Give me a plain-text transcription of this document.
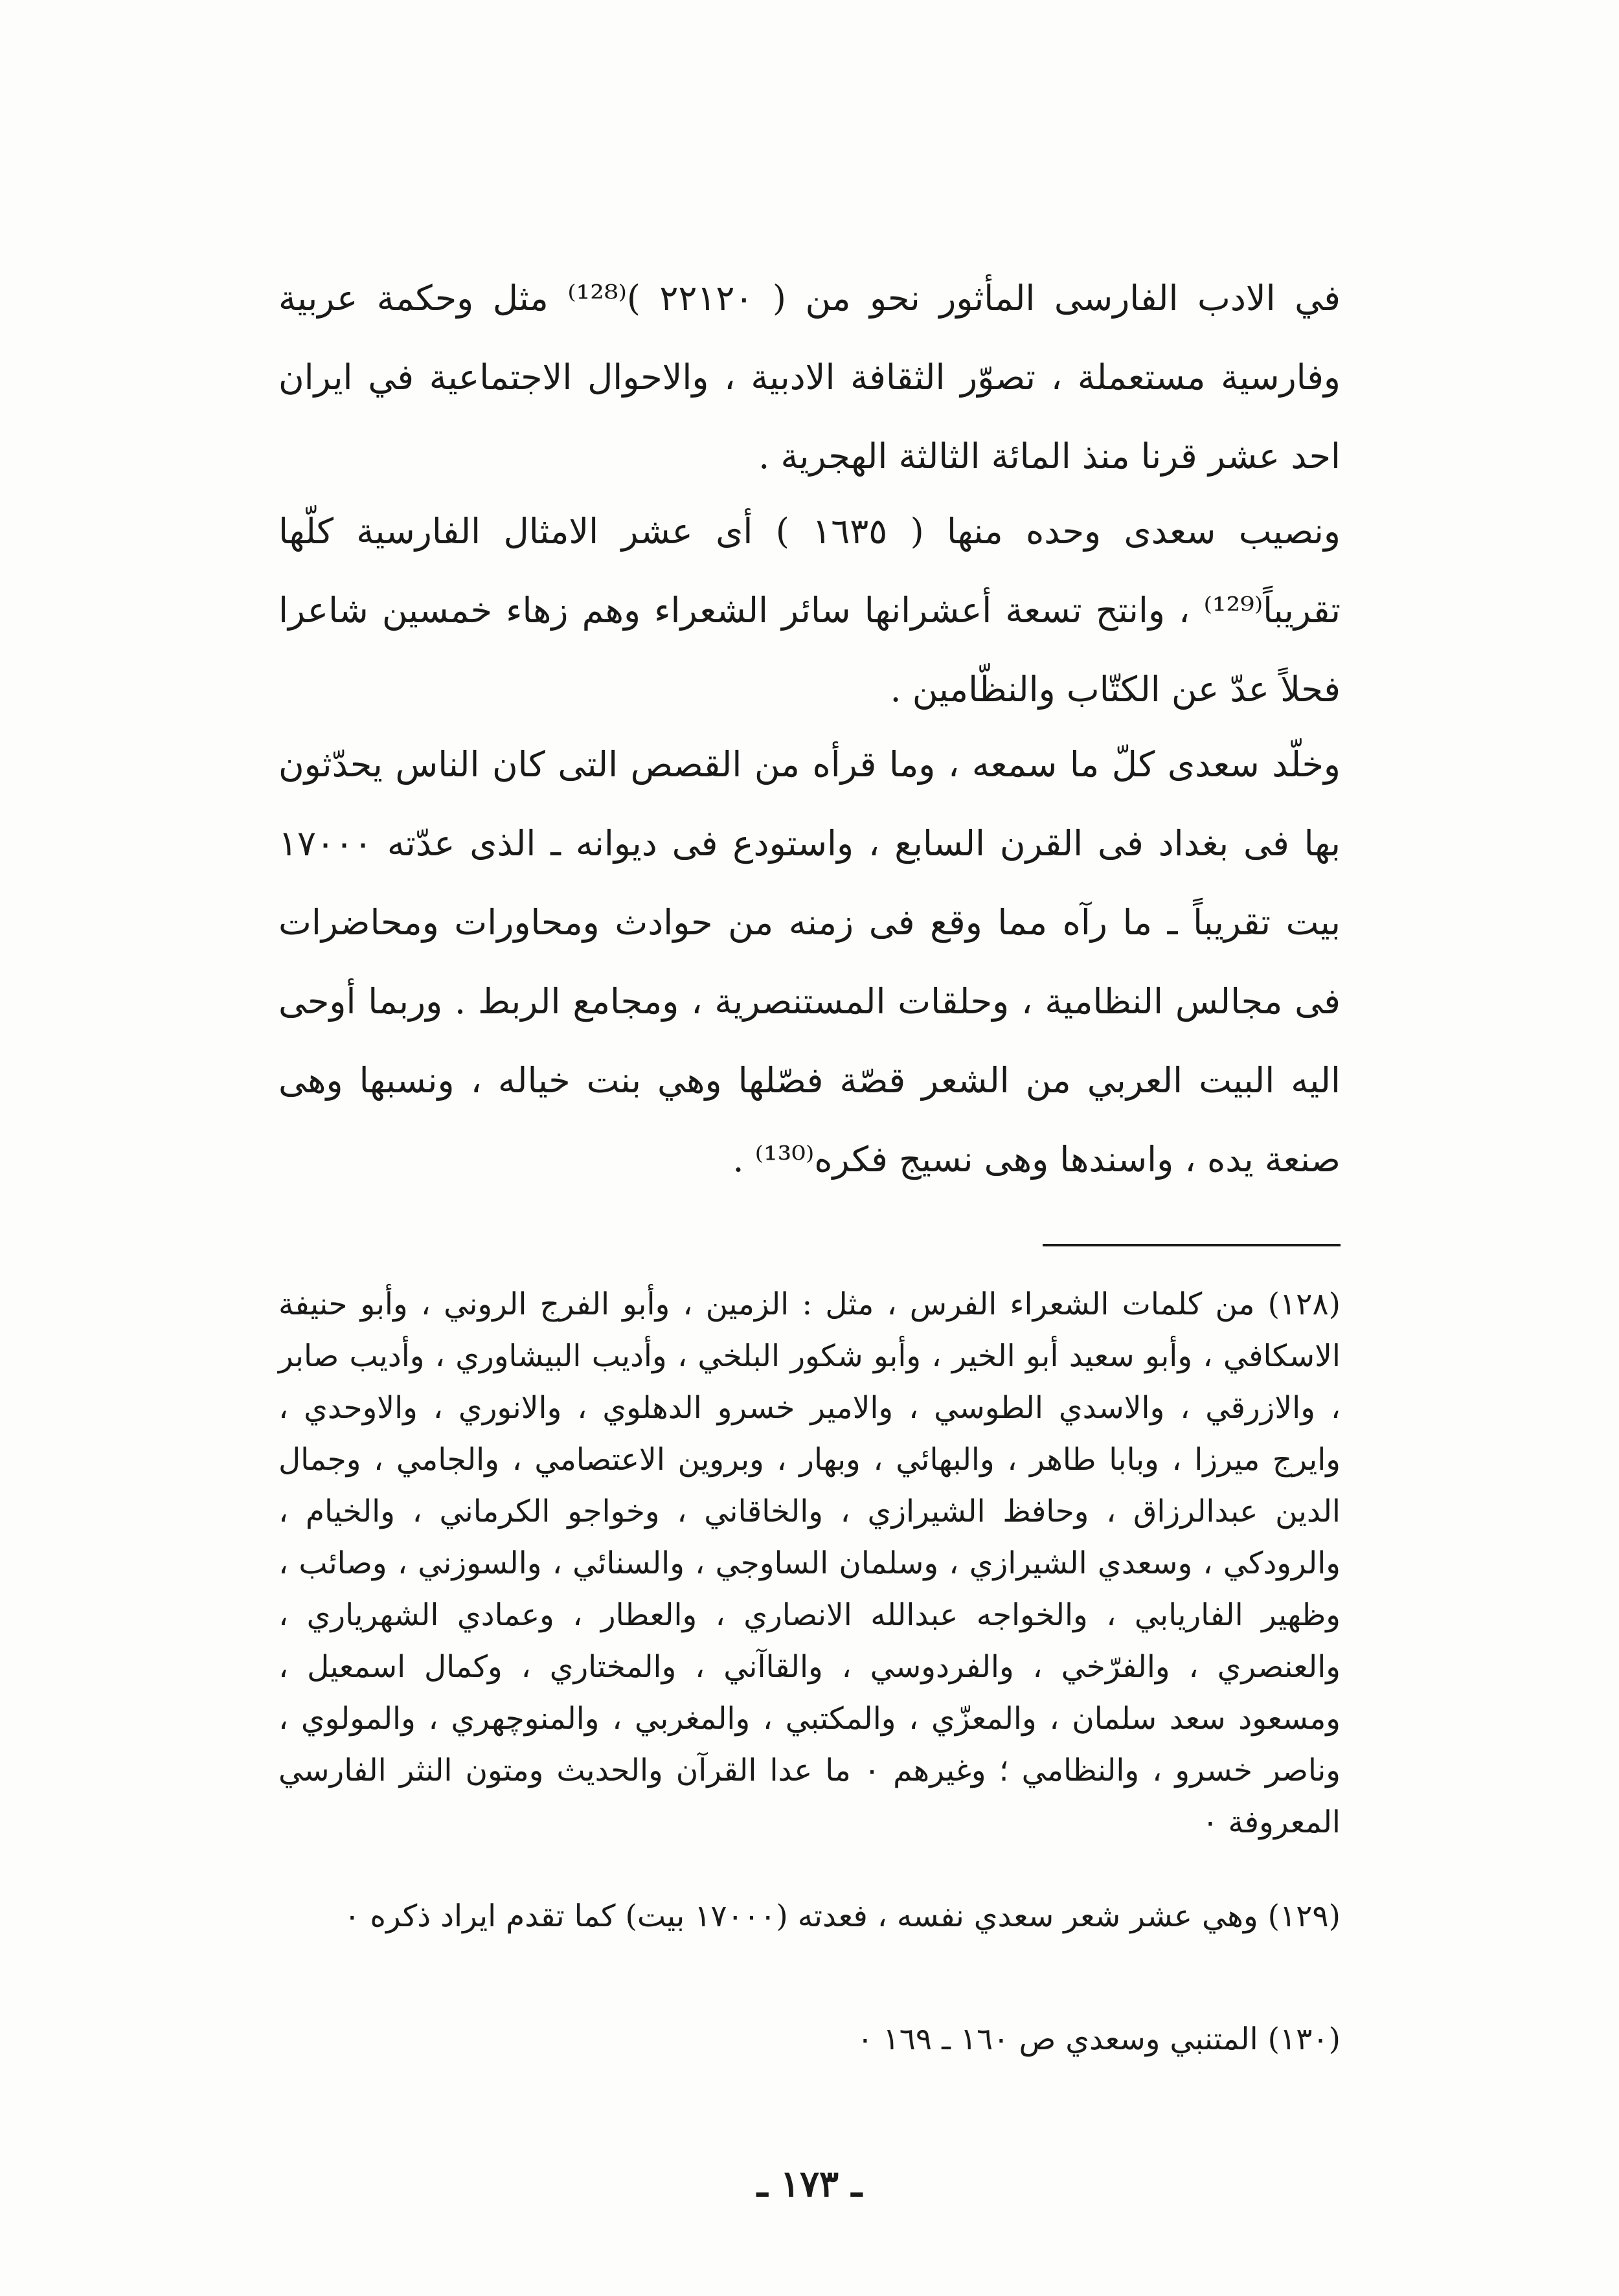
في الادب الفارسى المأثور نحو من ( ٢٢١٢٠ )⁽¹²⁸⁾ مثل وحكمة عربية وفارسية مستعملة ، تصوّر الثقافة الادبية ، والاحوال الاجتماعية في ايران احد عشر قرنا منذ المائة الثالثة الهجرية .

ونصيب سعدى وحده منها ( ١٦٣٥ ) أى عشر الامثال الفارسية كلّها تقريباً⁽¹²⁹⁾ ، وانتح تسعة أعشرانها سائر الشعراء وهم زهاء خمسين شاعرا فحلاً عدّ عن الكتّاب والنظّامين .

وخلّد سعدى كلّ ما سمعه ، وما قرأه من القصص التى كان الناس يحدّثون بها فى بغداد فى القرن السابع ، واستودع فى ديوانه ـ الذى عدّته ١٧٠٠٠ بيت تقريباً ـ ما رآه مما وقع فى زمنه من حوادث ومحاورات ومحاضرات فى مجالس النظامية ، وحلقات المستنصرية ، ومجامع الربط . وربما أوحى اليه البيت العربي من الشعر قصّة فصّلها وهي بنت خياله ، ونسبها وهى صنعة يده ، واسندها وهى نسيج فكره⁽¹³⁰⁾ .

(١٢٨) من كلمات الشعراء الفرس ، مثل : الزمين ، وأبو الفرج الروني ، وأبو حنيفة الاسكافي ، وأبو سعيد أبو الخير ، وأبو شكور البلخي ، وأديب البيشاوري ، وأديب صابر ، والازرقي ، والاسدي الطوسي ، والامير خسرو الدهلوي ، والانوري ، والاوحدي ، وايرج ميرزا ، وبابا طاهر ، والبهائي ، وبهار ، وبروين الاعتصامي ، والجامي ، وجمال الدين عبدالرزاق ، وحافظ الشيرازي ، والخاقاني ، وخواجو الكرماني ، والخيام ، والرودكي ، وسعدي الشيرازي ، وسلمان الساوجي ، والسنائي ، والسوزني ، وصائب ، وظهير الفاريابي ، والخواجه عبدالله الانصاري ، والعطار ، وعمادي الشهرياري ، والعنصري ، والفرّخي ، والفردوسي ، والقاآني ، والمختاري ، وكمال اسمعيل ، ومسعود سعد سلمان ، والمعزّي ، والمكتبي ، والمغربي ، والمنوچهري ، والمولوي ، وناصر خسرو ، والنظامي ؛ وغيرهم ٠ ما عدا القرآن والحديث ومتون النثر الفارسي المعروفة ٠

(١٢٩) وهي عشر شعر سعدي نفسه ، فعدته (١٧٠٠٠ بيت) كما تقدم ايراد ذكره ٠

(١٣٠) المتنبي وسعدي ص ١٦٠ ـ ١٦٩ ٠

ـ ١٧٣ ـ
